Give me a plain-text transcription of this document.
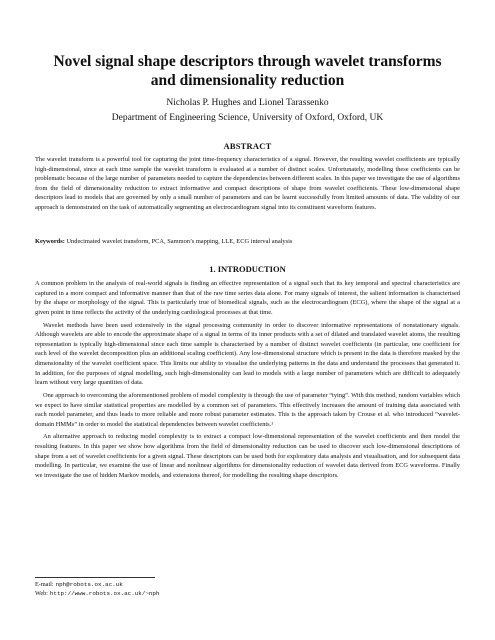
Novel signal shape descriptors through wavelet transforms and dimensionality reduction
Nicholas P. Hughes and Lionel Tarassenko
Department of Engineering Science, University of Oxford, Oxford, UK
ABSTRACT

The wavelet transform is a powerful tool for capturing the joint time-frequency characteristics of a signal. However, the resulting wavelet coefficients are typically high-dimensional, since at each time sample the wavelet transform is evaluated at a number of distinct scales. Unfortunately, modelling these coefficients can be problematic because of the large number of parameters needed to capture the dependencies between different scales. In this paper we investigate the use of algorithms from the field of dimensionality reduction to extract informative and compact descriptions of shape from wavelet coefficients. These low-dimensional shape descriptors lead to models that are governed by only a small number of parameters and can be learnt successfully from limited amounts of data. The validity of our approach is demonstrated on the task of automatically segmenting an electrocardiogram signal into its constituent waveform features.

Keywords: Undecimated wavelet transform, PCA, Sammon’s mapping, LLE, ECG interval analysis

1. INTRODUCTION

A common problem in the analysis of real-world signals is finding an effective representation of a signal such that its key temporal and spectral characteristics are captured in a more compact and informative manner than that of the raw time series data alone. For many signals of interest, the salient information is characterised by the shape or morphology of the signal. This is particularly true of biomedical signals, such as the electrocardiogram (ECG), where the shape of the signal at a given point in time reflects the activity of the underlying cardiological processes at that time.

Wavelet methods have been used extensively in the signal processing community in order to discover informative representations of nonstationary signals. Although wavelets are able to encode the approximate shape of a signal in terms of its inner products with a set of dilated and translated wavelet atoms, the resulting representation is typically high-dimensional since each time sample is characterised by a number of distinct wavelet coefficients (in particular, one coefficient for each level of the wavelet decomposition plus an additional scaling coefficient). Any low-dimensional structure which is present in the data is therefore masked by the dimensionality of the wavelet coefficient space. This limits our ability to visualise the underlying patterns in the data and understand the processes that generated it. In addition, for the purposes of signal modelling, such high-dimensionality can lead to models with a large number of parameters which are difficult to adequately learn without very large quantities of data.

One approach to overcoming the aforementioned problem of model complexity is through the use of parameter “tying”. With this method, random variables which we expect to have similar statistical properties are modelled by a common set of parameters. This effectively increases the amount of training data associated with each model parameter, and thus leads to more reliable and more robust parameter estimates. This is the approach taken by Crouse et al. who introduced “wavelet-domain HMMs” in order to model the statistical dependencies between wavelet coefficients.¹

An alternative approach to reducing model complexity is to extract a compact low-dimensional representation of the wavelet coefficients and then model the resulting features. In this paper we show how algorithms from the field of dimensionality reduction can be used to discover such low-dimensional descriptions of shape from a set of wavelet coefficients for a given signal. These descriptors can be used both for exploratory data analysis and visualisation, and for subsequent data modelling. In particular, we examine the use of linear and nonlinear algorithms for dimensionality reduction of wavelet data derived from ECG waveforms. Finally we investigate the use of hidden Markov models, and extensions thereof, for modelling the resulting shape descriptors.

E-mail: nph@robots.ox.ac.uk
Web: http://www.robots.ox.ac.uk/~nph
